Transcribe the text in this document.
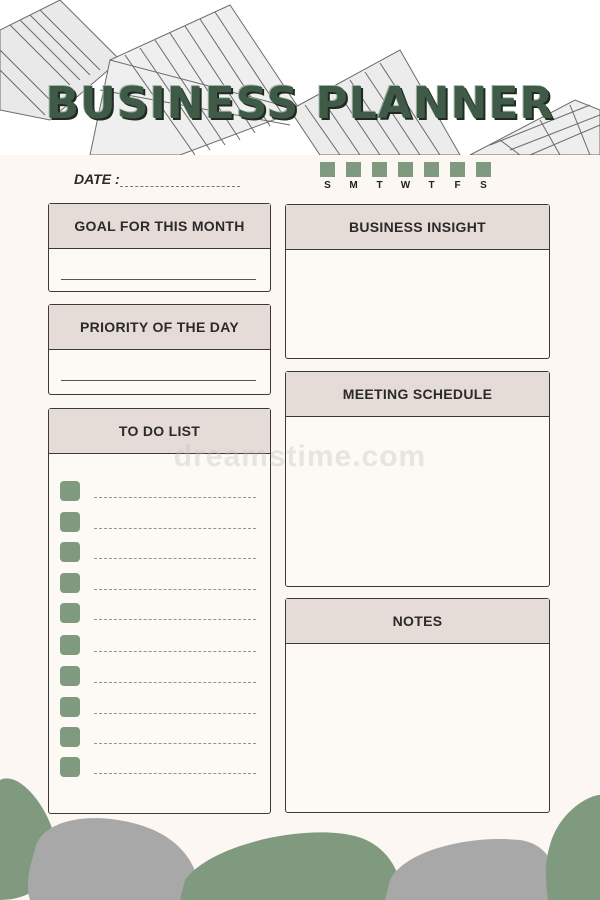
BUSINESS PLANNER
DATE :	S	M	T	W	T	F	S
GOAL FOR THIS MONTH
PRIORITY OF THE DAY
TO DO LIST
BUSINESS INSIGHT
MEETING SCHEDULE
NOTES
dreamstime.com
